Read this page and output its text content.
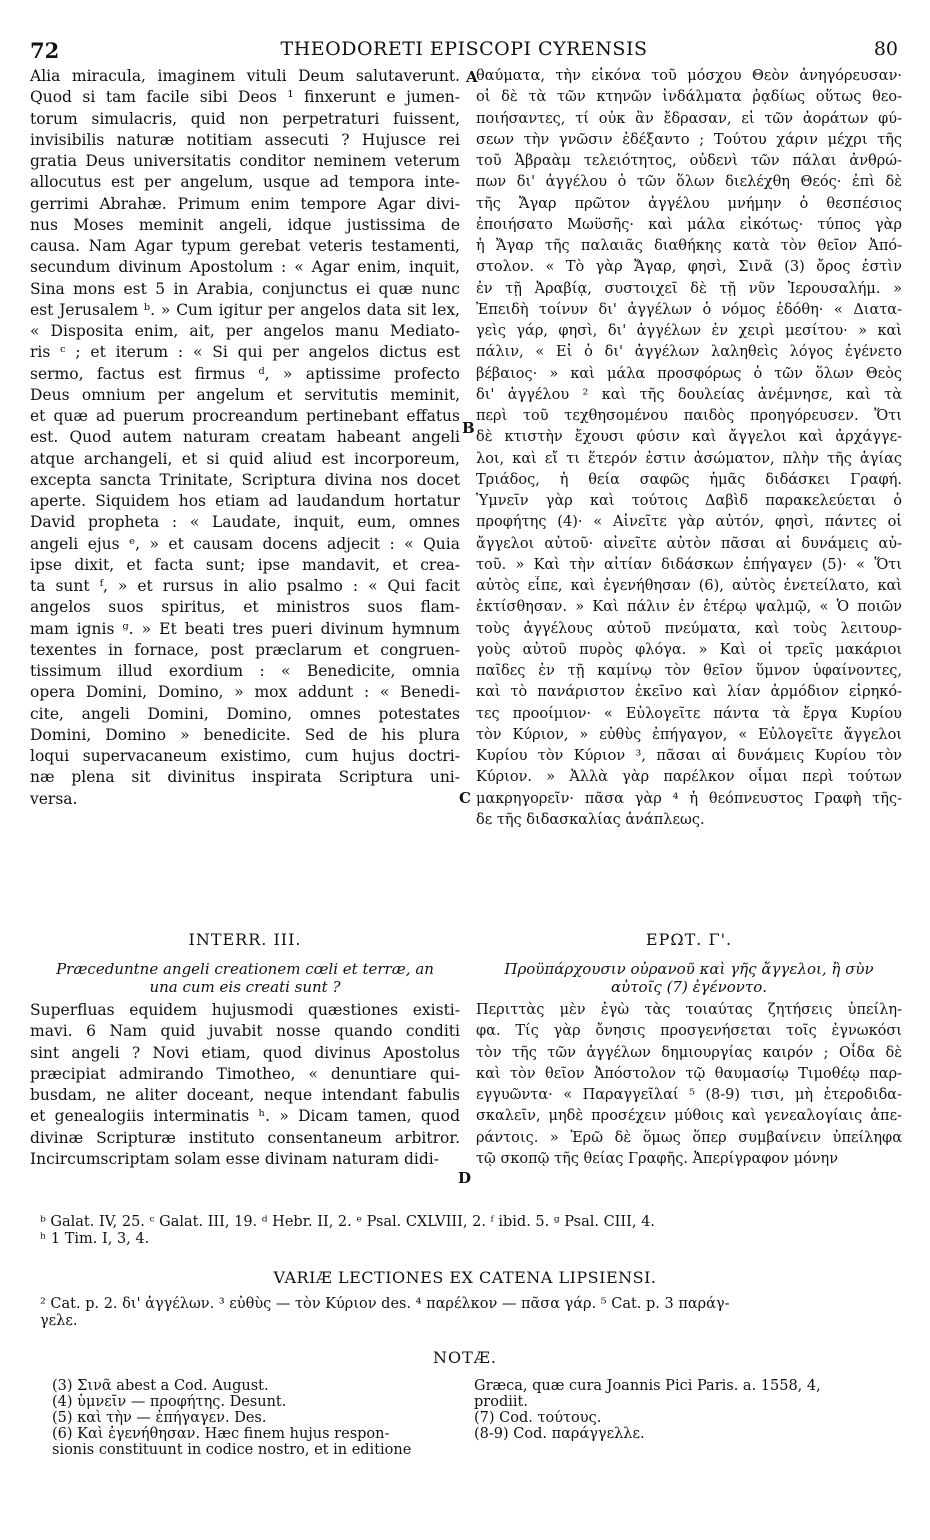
72	THEODORETI EPISCOPI CYRENSIS	80
Alia miracula, imaginem vituli Deum salutaverunt.
Quod si tam facile sibi Deos ¹ finxerunt e jumen-
torum simulacris, quid non perpetraturi fuissent,
invisibilis naturæ notitiam assecuti ? Hujusce rei
gratia Deus universitatis conditor neminem veterum
allocutus est per angelum, usque ad tempora inte-
gerrimi Abrahæ. Primum enim tempore Agar divi-
nus Moses meminit angeli, idque justissima de
causa. Nam Agar typum gerebat veteris testamenti,
secundum divinum Apostolum : « Agar enim, inquit,
Sina mons est 5 in Arabia, conjunctus ei quæ nunc
est Jerusalem ᵇ. » Cum igitur per angelos data sit lex,
« Disposita enim, ait, per angelos manu Mediato-
ris ᶜ ; et iterum : « Si qui per angelos dictus est
sermo, factus est firmus ᵈ, » aptissime profecto
Deus omnium per angelum et servitutis meminit,
et quæ ad puerum procreandum pertinebant effatus
est. Quod autem naturam creatam habeant angeli
atque archangeli, et si quid aliud est incorporeum,
excepta sancta Trinitate, Scriptura divina nos docet
aperte. Siquidem hos etiam ad laudandum hortatur
David propheta : « Laudate, inquit, eum, omnes
angeli ejus ᵉ, » et causam docens adjecit : « Quia
ipse dixit, et facta sunt; ipse mandavit, et crea-
ta sunt ᶠ, » et rursus in alio psalmo : « Qui facit
angelos suos spiritus, et ministros suos flam-
mam ignis ᵍ. » Et beati tres pueri divinum hymnum
texentes in fornace, post præclarum et congruen-
tissimum illud exordium : « Benedicite, omnia
opera Domini, Domino, » mox addunt : « Benedi-
cite, angeli Domini, Domino, omnes potestates
Domini, Domino » benedicite. Sed de his plura
loqui supervacaneum existimo, cum hujus doctri-
næ plena sit divinitus inspirata Scriptura uni-
versa.
θαύματα, τὴν εἰκόνα τοῦ μόσχου Θεὸν ἀνηγόρευσαν·
οἱ δὲ τὰ τῶν κτηνῶν ἰνδάλματα ῥᾳδίως οὕτως θεο-
ποιήσαντες, τί οὐκ ἂν ἔδρασαν, εἰ τῶν ἀοράτων φύ-
σεων τὴν γνῶσιν ἐδέξαντο ; Τούτου χάριν μέχρι τῆς
τοῦ Ἀβραὰμ τελειότητος, οὐδενὶ τῶν πάλαι ἀνθρώ-
πων δι' ἀγγέλου ὁ τῶν ὅλων διελέχθη Θεός· ἐπὶ δὲ
τῆς Ἄγαρ πρῶτον ἀγγέλου μνήμην ὁ θεσπέσιος
ἐποιήσατο Μωϋσῆς· καὶ μάλα εἰκότως· τύπος γὰρ
ἡ Ἄγαρ τῆς παλαιᾶς διαθήκης κατὰ τὸν θεῖον Ἀπό-
στολον. « Τὸ γὰρ Ἄγαρ, φησὶ, Σινᾶ (3) ὄρος ἐστὶν
ἐν τῇ Ἀραβίᾳ, συστοιχεῖ δὲ τῇ νῦν Ἱερουσαλήμ. »
Ἐπειδὴ τοίνυν δι' ἀγγέλων ὁ νόμος ἐδόθη· « Διατα-
γεὶς γάρ, φησὶ, δι' ἀγγέλων ἐν χειρὶ μεσίτου· » καὶ
πάλιν, « Εἰ ὁ δι' ἀγγέλων λαληθεὶς λόγος ἐγένετο
βέβαιος· » καὶ μάλα προσφόρως ὁ τῶν ὅλων Θεὸς
δι' ἀγγέλου ² καὶ τῆς δουλείας ἀνέμνησε, καὶ τὰ
περὶ τοῦ τεχθησομένου παιδὸς προηγόρευσεν. Ὅτι
δὲ κτιστὴν ἔχουσι φύσιν καὶ ἄγγελοι καὶ ἀρχάγγε-
λοι, καὶ εἴ τι ἕτερόν ἐστιν ἀσώματον, πλὴν τῆς ἁγίας
Τριάδος, ἡ θεία σαφῶς ἡμᾶς διδάσκει Γραφή.
Ὑμνεῖν γὰρ καὶ τούτοις Δαβὶδ παρακελεύεται ὁ
προφήτης (4)· « Αἰνεῖτε γὰρ αὐτόν, φησὶ, πάντες οἱ
ἄγγελοι αὐτοῦ· αἰνεῖτε αὐτὸν πᾶσαι αἱ δυνάμεις αὐ-
τοῦ. » Καὶ τὴν αἰτίαν διδάσκων ἐπήγαγεν (5)· « Ὅτι
αὐτὸς εἶπε, καὶ ἐγενήθησαν (6), αὐτὸς ἐνετείλατο, καὶ
ἐκτίσθησαν. » Καὶ πάλιν ἐν ἑτέρῳ ψαλμῷ, « Ὁ ποιῶν
τοὺς ἀγγέλους αὐτοῦ πνεύματα, καὶ τοὺς λειτουρ-
γοὺς αὐτοῦ πυρὸς φλόγα. » Καὶ οἱ τρεῖς μακάριοι
παῖδες ἐν τῇ καμίνῳ τὸν θεῖον ὕμνον ὑφαίνοντες,
καὶ τὸ πανάριστον ἐκεῖνο καὶ λίαν ἁρμόδιον εἰρηκό-
τες προοίμιον· « Εὐλογεῖτε πάντα τὰ ἔργα Κυρίου
τὸν Κύριον, » εὐθὺς ἐπήγαγον, « Εὐλογεῖτε ἄγγελοι
Κυρίου τὸν Κύριον ³, πᾶσαι αἱ δυνάμεις Κυρίου τὸν
Κύριον. » Ἀλλὰ γὰρ παρέλκον οἶμαι περὶ τούτων
μακρηγορεῖν· πᾶσα γὰρ ⁴ ἡ θεόπνευστος Γραφὴ τῆς-
δε τῆς διδασκαλίας ἀνάπλεως.
A
B
C
D
INTERR. III.	ΕΡΩΤ. Γ'.
Præceduntne angeli creationem cœli et terræ, an
una cum eis creati sunt ?
Προϋπάρχουσιν οὐρανοῦ καὶ γῆς ἄγγελοι, ἢ σὺν
αὐτοῖς (7) ἐγένοντο.
Superfluas equidem hujusmodi quæstiones existi-
mavi. 6 Nam quid juvabit nosse quando conditi
sint angeli ? Novi etiam, quod divinus Apostolus
præcipiat admirando Timotheo, « denuntiare qui-
busdam, ne aliter doceant, neque intendant fabulis
et genealogiis interminatis ʰ. » Dicam tamen, quod
divinæ Scripturæ instituto consentaneum arbitror.
Incircumscriptam solam esse divinam naturam didi-
Περιττὰς μὲν ἐγὼ τὰς τοιαύτας ζητήσεις ὑπείλη-
φα. Τίς γὰρ ὄνησις προσγενήσεται τοῖς ἐγνωκόσι
τὸν τῆς τῶν ἀγγέλων δημιουργίας καιρόν ; Οἶδα δὲ
καὶ τὸν θεῖον Ἀπόστολον τῷ θαυμασίῳ Τιμοθέῳ παρ-
εγγυῶντα· « Παραγγεῖλαί ⁵ (8-9) τισι, μὴ ἑτεροδιδα-
σκαλεῖν, μηδὲ προσέχειν μύθοις καὶ γενεαλογίαις ἀπε-
ράντοις. » Ἐρῶ δὲ ὅμως ὅπερ συμβαίνειν ὑπείληφα
τῷ σκοπῷ τῆς θείας Γραφῆς. Ἀπερίγραφον μόνην
ᵇ Galat. IV, 25. ᶜ Galat. III, 19. ᵈ Hebr. II, 2. ᵉ Psal. CXLVIII, 2. ᶠ ibid. 5. ᵍ Psal. CIII, 4.
ʰ 1 Tim. I, 3, 4.
VARIÆ LECTIONES EX CATENA LIPSIENSI.
² Cat. p. 2. δι' ἀγγέλων. ³ εὐθὺς — τὸν Κύριον des. ⁴ παρέλκον — πᾶσα γάρ. ⁵ Cat. p. 3 παράγ-
γελε.
NOTÆ.
(3) Σινᾶ abest a Cod. August.
(4) ὑμνεῖν — προφήτης. Desunt.
(5) καὶ τὴν — ἐπήγαγεν. Des.
(6) Καὶ ἐγενήθησαν. Hæc finem hujus respon-
sionis constituunt in codice nostro, et in editione
Græca, quæ cura Joannis Pici Paris. a. 1558, 4,
prodiit.
(7) Cod. τούτους.
(8-9) Cod. παράγγελλε.
